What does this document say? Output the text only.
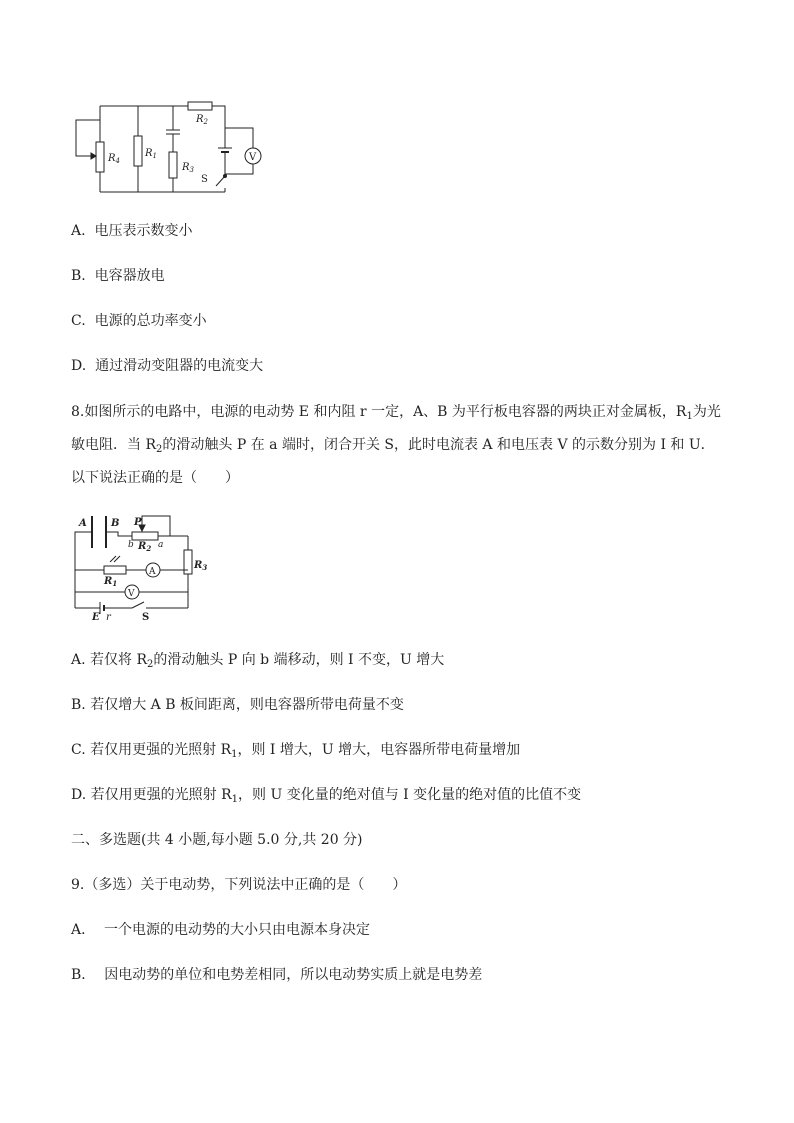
$R_4$
$R_1$
$R_2$
$R_3$
S
V
A. 电压表示数变小
B. 电容器放电
C. 电源的总功率变小
D. 通过滑动变阻器的电流变大
8.如图所示的电路中，电源的电动势 E 和内阻 r 一定，A、B 为平行板电容器的两块正对金属板，$R_1$为光敏电阻．当 $R_2$的滑动触头 P 在 a 端时，闭合开关 S，此时电流表 A 和电压表 V 的示数分别为 I 和 U．以下说法正确的是（　　）
A B P
b $R_2$ a
$R_3$
$R_1$
A
V
E r	S
A. 若仅将 $R_2$的滑动触头 P 向 b 端移动，则 I 不变，U 增大
B. 若仅增大 A B 板间距离，则电容器所带电荷量不变
C. 若仅用更强的光照射 $R_1$，则 I 增大，U 增大，电容器所带电荷量增加
D. 若仅用更强的光照射 $R_1$，则 U 变化量的绝对值与 I 变化量的绝对值的比值不变
二、多选题(共 4 小题,每小题 5.0 分,共 20 分)
9.（多选）关于电动势，下列说法中正确的是（　　）
A． 一个电源的电动势的大小只由电源本身决定
B． 因电动势的单位和电势差相同，所以电动势实质上就是电势差
